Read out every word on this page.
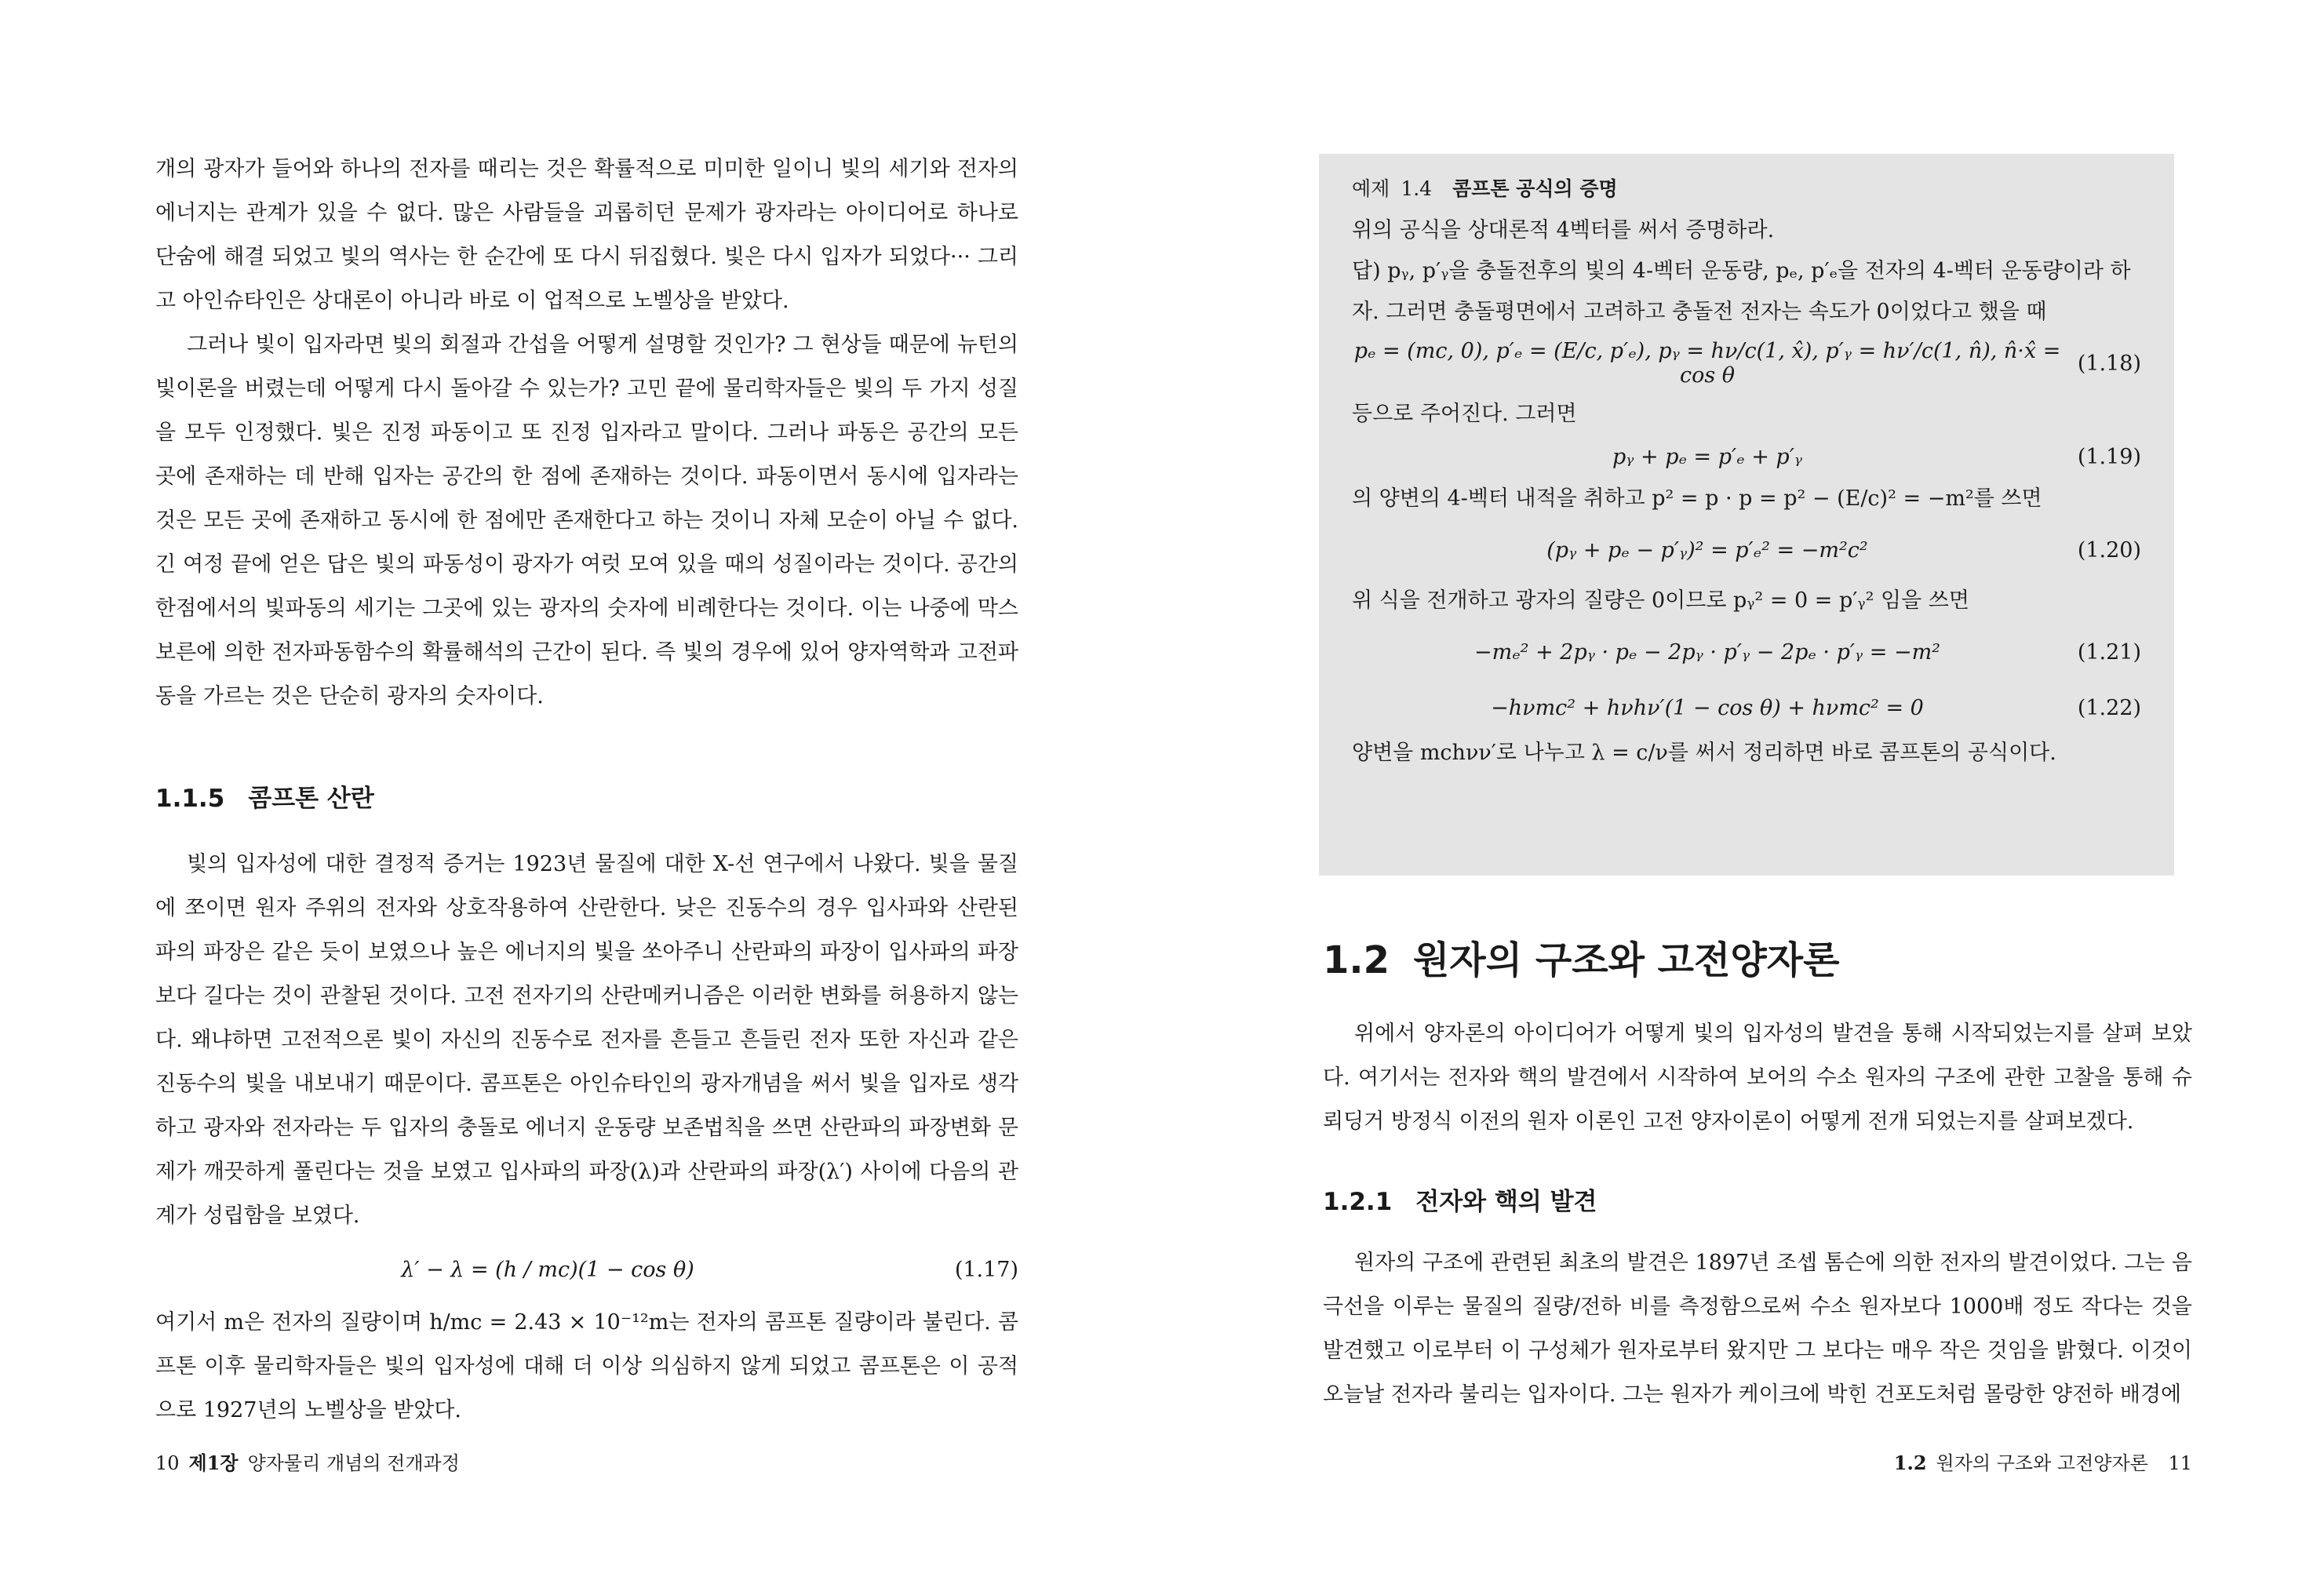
개의 광자가 들어와 하나의 전자를 때리는 것은 확률적으로 미미한 일이니 빛의 세기와 전자의 에너지는 관계가 있을 수 없다. 많은 사람들을 괴롭히던 문제가 광자라는 아이디어로 하나로 단숨에 해결 되었고 빛의 역사는 한 순간에 또 다시 뒤집혔다. 빛은 다시 입자가 되었다··· 그리고 아인슈타인은 상대론이 아니라 바로 이 업적으로 노벨상을 받았다.

그러나 빛이 입자라면 빛의 회절과 간섭을 어떻게 설명할 것인가? 그 현상들 때문에 뉴턴의 빛이론을 버렸는데 어떻게 다시 돌아갈 수 있는가? 고민 끝에 물리학자들은 빛의 두 가지 성질을 모두 인정했다. 빛은 진정 파동이고 또 진정 입자라고 말이다. 그러나 파동은 공간의 모든 곳에 존재하는 데 반해 입자는 공간의 한 점에 존재하는 것이다. 파동이면서 동시에 입자라는 것은 모든 곳에 존재하고 동시에 한 점에만 존재한다고 하는 것이니 자체 모순이 아닐 수 없다. 긴 여정 끝에 얻은 답은 빛의 파동성이 광자가 여럿 모여 있을 때의 성질이라는 것이다. 공간의 한점에서의 빛파동의 세기는 그곳에 있는 광자의 숫자에 비례한다는 것이다. 이는 나중에 막스보른에 의한 전자파동함수의 확률해석의 근간이 된다. 즉 빛의 경우에 있어 양자역학과 고전파동을 가르는 것은 단순히 광자의 숫자이다.

1.1.5 콤프톤 산란

빛의 입자성에 대한 결정적 증거는 1923년 물질에 대한 X-선 연구에서 나왔다. 빛을 물질에 쪼이면 원자 주위의 전자와 상호작용하여 산란한다. 낮은 진동수의 경우 입사파와 산란된 파의 파장은 같은 듯이 보였으나 높은 에너지의 빛을 쏘아주니 산란파의 파장이 입사파의 파장보다 길다는 것이 관찰된 것이다. 고전 전자기의 산란메커니즘은 이러한 변화를 허용하지 않는다. 왜냐하면 고전적으론 빛이 자신의 진동수로 전자를 흔들고 흔들린 전자 또한 자신과 같은 진동수의 빛을 내보내기 때문이다. 콤프톤은 아인슈타인의 광자개념을 써서 빛을 입자로 생각하고 광자와 전자라는 두 입자의 충돌로 에너지 운동량 보존법칙을 쓰면 산란파의 파장변화 문제가 깨끗하게 풀린다는 것을 보였고 입사파의 파장(λ)과 산란파의 파장(λ′) 사이에 다음의 관계가 성립함을 보였다.

λ′ − λ = (h / mc)(1 − cos θ)	(1.17)

여기서 m은 전자의 질량이며 h/mc = 2.43 × 10⁻¹²m는 전자의 콤프톤 질량이라 불린다. 콤프톤 이후 물리학자들은 빛의 입자성에 대해 더 이상 의심하지 않게 되었고 콤프톤은 이 공적으로 1927년의 노벨상을 받았다.

10 제1장 양자물리 개념의 전개과정
예제 1.4 콤프톤 공식의 증명

위의 공식을 상대론적 4벡터를 써서 증명하라.

답) pᵧ, p′ᵧ을 충돌전후의 빛의 4-벡터 운동량, pₑ, p′ₑ을 전자의 4-벡터 운동량이라 하자. 그러면 충돌평면에서 고려하고 충돌전 전자는 속도가 0이었다고 했을 때

pₑ = (mc, 0), p′ₑ = (E/c, p′ₑ), pᵧ = hν/c(1, x̂), p′ᵧ = hν′/c(1, n̂), n̂·x̂ = cos θ	(1.18)

등으로 주어진다. 그러면

pᵧ + pₑ = p′ₑ + p′ᵧ	(1.19)

의 양변의 4-벡터 내적을 취하고 p² = p · p = p² − (E/c)² = −m²를 쓰면

(pᵧ + pₑ − p′ᵧ)² = p′ₑ² = −m²c²	(1.20)

위 식을 전개하고 광자의 질량은 0이므로 pᵧ² = 0 = p′ᵧ² 임을 쓰면

−mₑ² + 2pᵧ · pₑ − 2pᵧ · p′ᵧ − 2pₑ · p′ᵧ = −m²	(1.21)
−hνmc² + hνhν′(1 − cos θ) + hνmc² = 0	(1.22)

양변을 mchνν′로 나누고 λ = c/ν를 써서 정리하면 바로 콤프톤의 공식이다.

1.2 원자의 구조와 고전양자론

위에서 양자론의 아이디어가 어떻게 빛의 입자성의 발견을 통해 시작되었는지를 살펴 보았다. 여기서는 전자와 핵의 발견에서 시작하여 보어의 수소 원자의 구조에 관한 고찰을 통해 슈뢰딩거 방정식 이전의 원자 이론인 고전 양자이론이 어떻게 전개 되었는지를 살펴보겠다.

1.2.1 전자와 핵의 발견

원자의 구조에 관련된 최초의 발견은 1897년 조셉 톰슨에 의한 전자의 발견이었다. 그는 음극선을 이루는 물질의 질량/전하 비를 측정함으로써 수소 원자보다 1000배 정도 작다는 것을 발견했고 이로부터 이 구성체가 원자로부터 왔지만 그 보다는 매우 작은 것임을 밝혔다. 이것이 오늘날 전자라 불리는 입자이다. 그는 원자가 케이크에 박힌 건포도처럼 몰랑한 양전하 배경에

1.2 원자의 구조와 고전양자론 11
